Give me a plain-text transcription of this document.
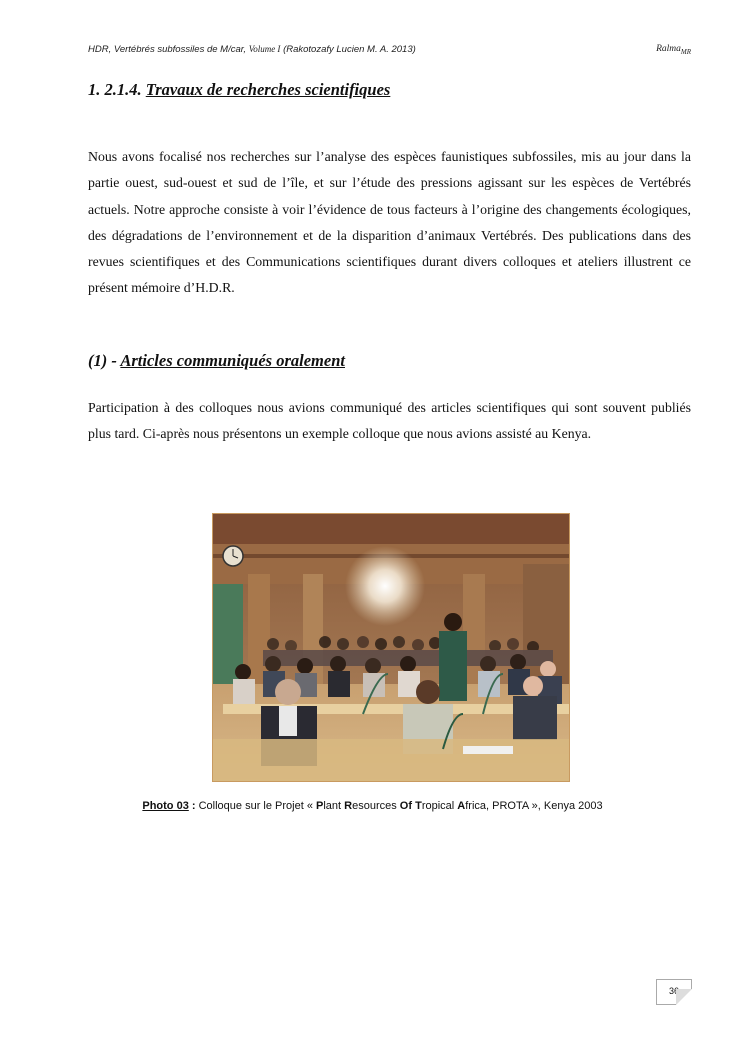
HDR, Vertébrés subfossiles de M/car, Volume I (Rakotozafy Lucien M. A. 2013)	Ralma$_{MR}$
1. 2.1.4. Travaux de recherches scientifiques
Nous avons focalisé nos recherches sur l’analyse des espèces faunistiques subfossiles, mis au jour dans la partie ouest, sud-ouest et sud de l’île, et sur l’étude des pressions agissant sur les espèces de Vertébrés actuels. Notre approche consiste à voir l’évidence de tous facteurs à l’origine des changements écologiques, des dégradations de l’environnement et de la disparition d’animaux Vertébrés. Des publications dans des revues scientifiques et des Communications scientifiques durant divers colloques et ateliers illustrent ce présent mémoire d’H.D.R.
(1) - Articles communiqués oralement
Participation à des colloques nous avions communiqué des articles scientifiques qui sont souvent publiés plus tard. Ci-après nous présentons un exemple colloque que nous avions assisté au Kenya.
Photo 03 : Colloque sur le Projet « Plant Resources Of Tropical Africa, PROTA », Kenya 2003
36
